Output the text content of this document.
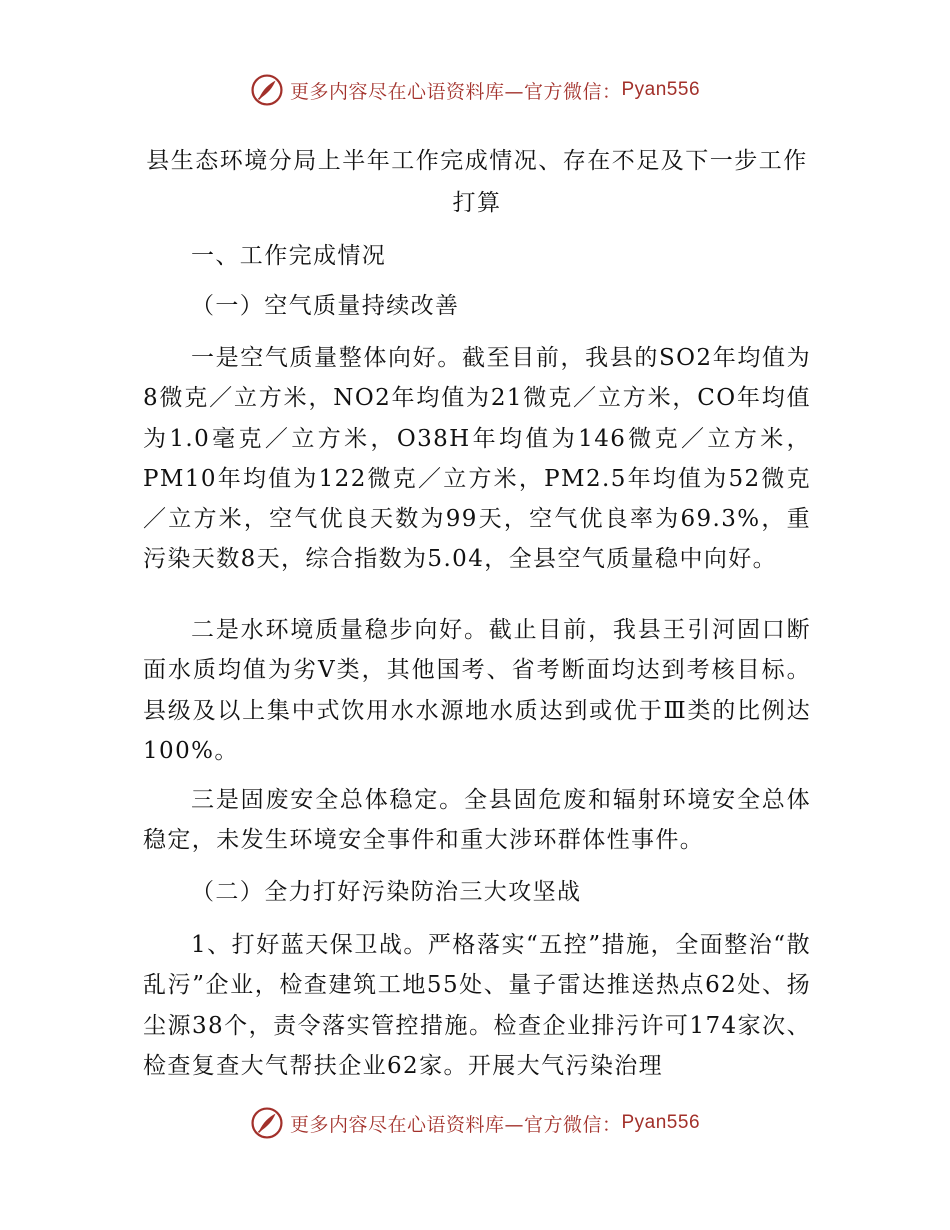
更多内容尽在心语资料库—官方微信： Pyan556
县生态环境分局上半年工作完成情况、存在不足及下一步工作打算

一、工作完成情况

（一）空气质量持续改善

一是空气质量整体向好。截至目前，我县的SO2年均值为8微克／立方米，NO2年均值为21微克／立方米，CO年均值为1.0毫克／立方米，O38H年均值为146微克／立方米，PM10年均值为122微克／立方米，PM2.5年均值为52微克／立方米，空气优良天数为99天，空气优良率为69.3%，重污染天数8天，综合指数为5.04，全县空气质量稳中向好。

二是水环境质量稳步向好。截止目前，我县王引河固口断面水质均值为劣Ⅴ类，其他国考、省考断面均达到考核目标。县级及以上集中式饮用水水源地水质达到或优于Ⅲ类的比例达100%。

三是固废安全总体稳定。全县固危废和辐射环境安全总体稳定，未发生环境安全事件和重大涉环群体性事件。

（二）全力打好污染防治三大攻坚战

1、打好蓝天保卫战。严格落实“五控”措施，全面整治“散乱污”企业，检查建筑工地55处、量子雷达推送热点62处、扬尘源38个，责令落实管控措施。检查企业排污许可174家次、检查复查大气帮扶企业62家。开展大气污染治理

更多内容尽在心语资料库—官方微信： Pyan556
